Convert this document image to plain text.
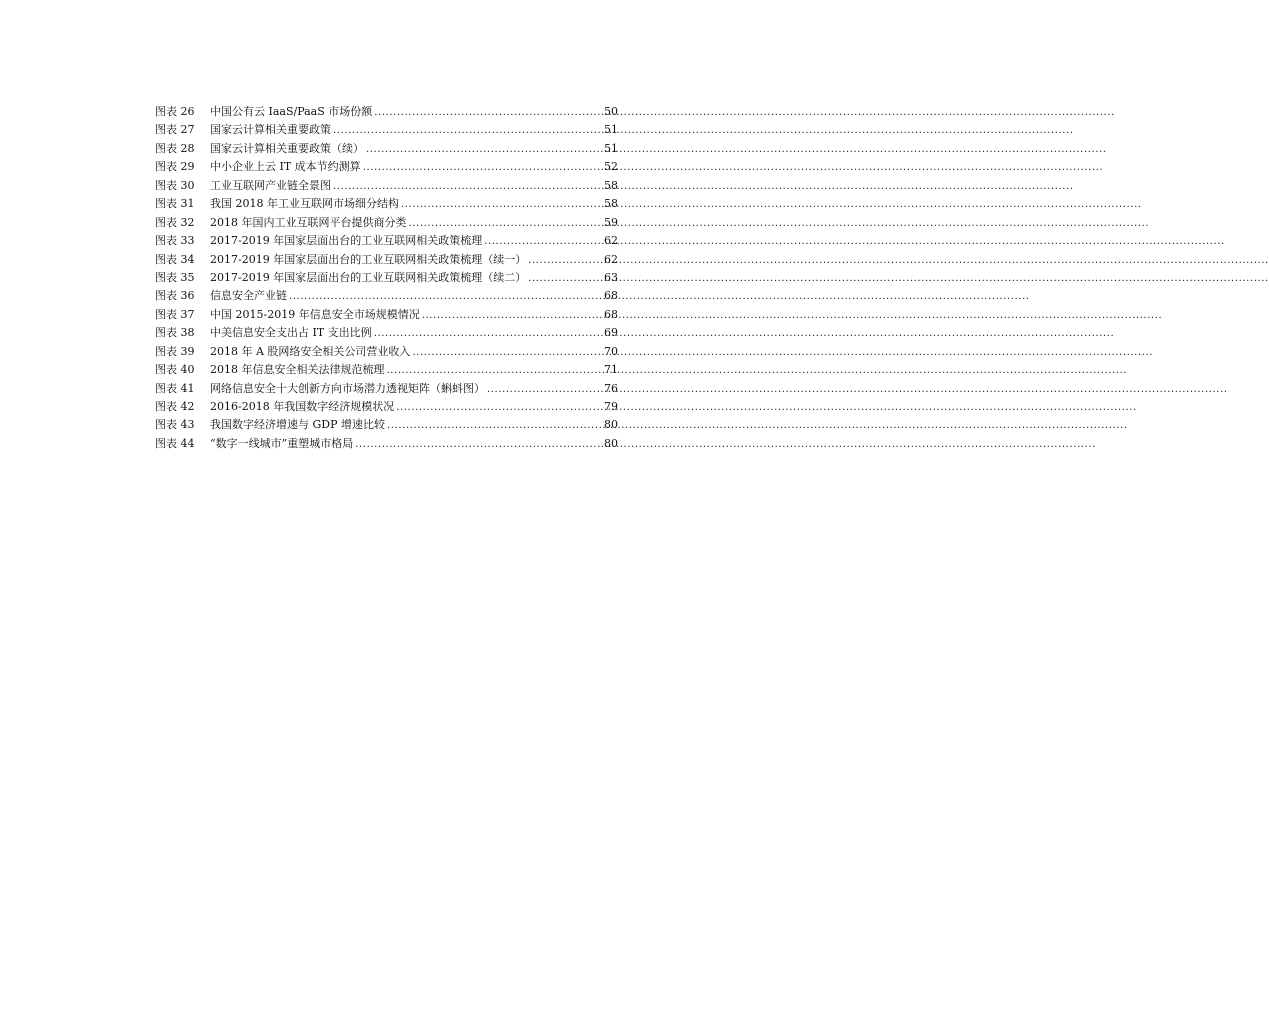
图表 26	中国公有云 IaaS/PaaS 市场份额 .....	50
图表 27	国家云计算相关重要政策 .....	51
图表 28	国家云计算相关重要政策（续） .....	51
图表 29	中小企业上云 IT 成本节约测算 .....	52
图表 30	工业互联网产业链全景图 .....	58
图表 31	我国 2018 年工业互联网市场细分结构 .....	58
图表 32	2018 年国内工业互联网平台提供商分类 .....	59
图表 33	2017-2019 年国家层面出台的工业互联网相关政策梳理 .....	62
图表 34	2017-2019 年国家层面出台的工业互联网相关政策梳理（续一） .....	62
图表 35	2017-2019 年国家层面出台的工业互联网相关政策梳理（续二） .....	63
图表 36	信息安全产业链 .....	68
图表 37	中国 2015-2019 年信息安全市场规模情况 .....	68
图表 38	中美信息安全支出占 IT 支出比例 .....	69
图表 39	2018 年 A 股网络安全相关公司营业收入 .....	70
图表 40	2018 年信息安全相关法律规范梳理 .....	71
图表 41	网络信息安全十大创新方向市场潜力透视矩阵（蝌蚪图） .....	76
图表 42	2016-2018 年我国数字经济规模状况 .....	79
图表 43	我国数字经济增速与 GDP 增速比较 .....	80
图表 44	“数字一线城市”重塑城市格局 .....	80
